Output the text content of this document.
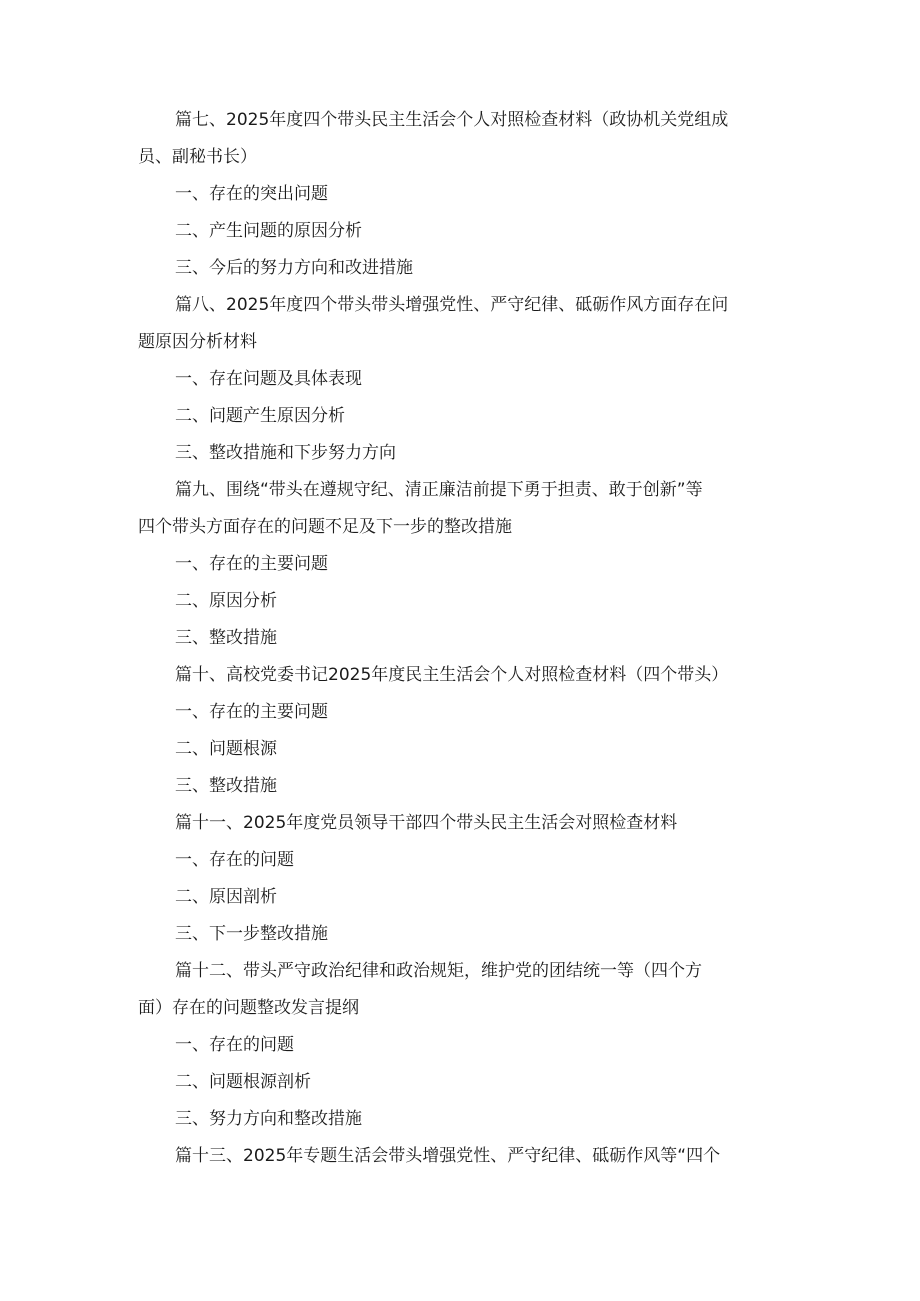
篇七、2025年度四个带头民主生活会个人对照检查材料（政协机关党组成

员、副秘书长）

一、存在的突出问题

二、产生问题的原因分析

三、今后的努力方向和改进措施

篇八、2025年度四个带头带头增强党性、严守纪律、砥砺作风方面存在问

题原因分析材料

一、存在问题及具体表现

二、问题产生原因分析

三、整改措施和下步努力方向

篇九、围绕“带头在遵规守纪、清正廉洁前提下勇于担责、敢于创新”等

四个带头方面存在的问题不足及下一步的整改措施

一、存在的主要问题

二、原因分析

三、整改措施

篇十、高校党委书记2025年度民主生活会个人对照检查材料（四个带头）

一、存在的主要问题

二、问题根源

三、整改措施

篇十一、2025年度党员领导干部四个带头民主生活会对照检查材料

一、存在的问题

二、原因剖析

三、下一步整改措施

篇十二、带头严守政治纪律和政治规矩，维护党的团结统一等（四个方

面）存在的问题整改发言提纲

一、存在的问题

二、问题根源剖析

三、努力方向和整改措施

篇十三、2025年专题生活会带头增强党性、严守纪律、砥砺作风等“四个
